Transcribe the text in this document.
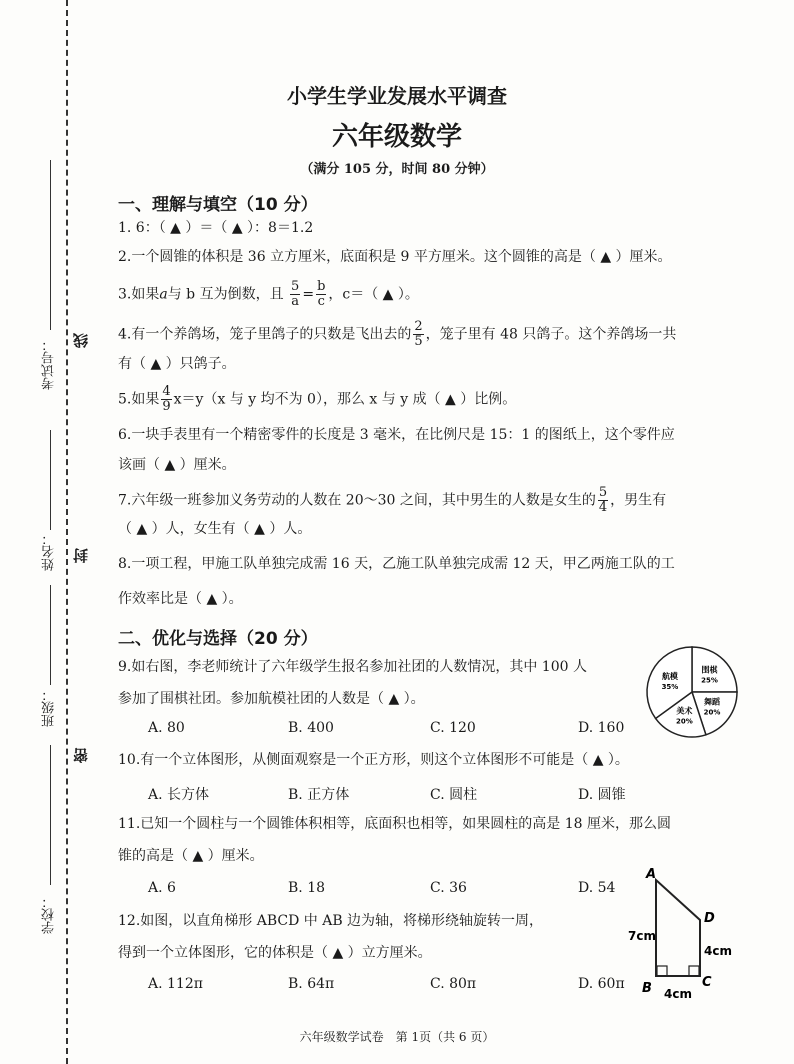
考试号：
姓名：
班级：
学校：
线
封
密
小学生学业发展水平调查
六年级数学
（满分 105 分，时间 80 分钟）
一、理解与填空（10 分）
1. 6：（ ▲ ）＝（ ▲ ）：8＝1.2
2.一个圆锥的体积是 36 立方厘米，底面积是 9 平方厘米。这个圆锥的高是（ ▲ ）厘米。
3.如果a与 b 互为倒数，且 $\frac{5}{a} = \frac{b}{c}$ ，c＝（ ▲ ）。
4.有一个养鸽场，笼子里鸽子的只数是飞出去的 $\frac{2}{5}$ ，笼子里有 48 只鸽子。这个养鸽场一共
有（ ▲ ）只鸽子。
5.如果 $\frac{4}{9} x=y(x$ 与 y 均不为 0），那么 x 与 y 成（ ▲ ）比例。
6.一块手表里有一个精密零件的长度是 3 毫米，在比例尺是 15：1 的图纸上，这个零件应
该画（ ▲ ）厘米。
7.六年级一班参加义务劳动的人数在 20～30 之间，其中男生的人数是女生的 $\frac{5}{4}$ ，男生有
（ ▲ ）人，女生有（ ▲ ）人。
8.一项工程，甲施工队单独完成需 16 天，乙施工队单独完成需 12 天，甲乙两施工队的工
作效率比是（ ▲ ）。
二、优化与选择（20 分）
9.如右图，李老师统计了六年级学生报名参加社团的人数情况，其中 100 人
参加了围棋社团。参加航模社团的人数是（ ▲ ）。
A. 80	B. 400	C. 120	D. 160
围棋
25%
舞蹈
20%
美术
20%
航模
35%
10.有一个立体图形，从侧面观察是一个正方形，则这个立体图形不可能是（ ▲ ）。
A. 长方体	B. 正方体	C. 圆柱	D. 圆锥
11.已知一个圆柱与一个圆锥体积相等，底面积也相等，如果圆柱的高是 18 厘米，那么圆
锥的高是（ ▲ ）厘米。
A. 6	B. 18	C. 36	D. 54
12.如图，以直角梯形 ABCD 中 AB 边为轴，将梯形绕轴旋转一周，
得到一个立体图形，它的体积是（ ▲ ）立方厘米。
A. 112π	B. 64π	C. 80π	D. 60π
A
B	C
D
7cm
4cm
4cm
六年级数学试卷　第 1页（共 6 页）
